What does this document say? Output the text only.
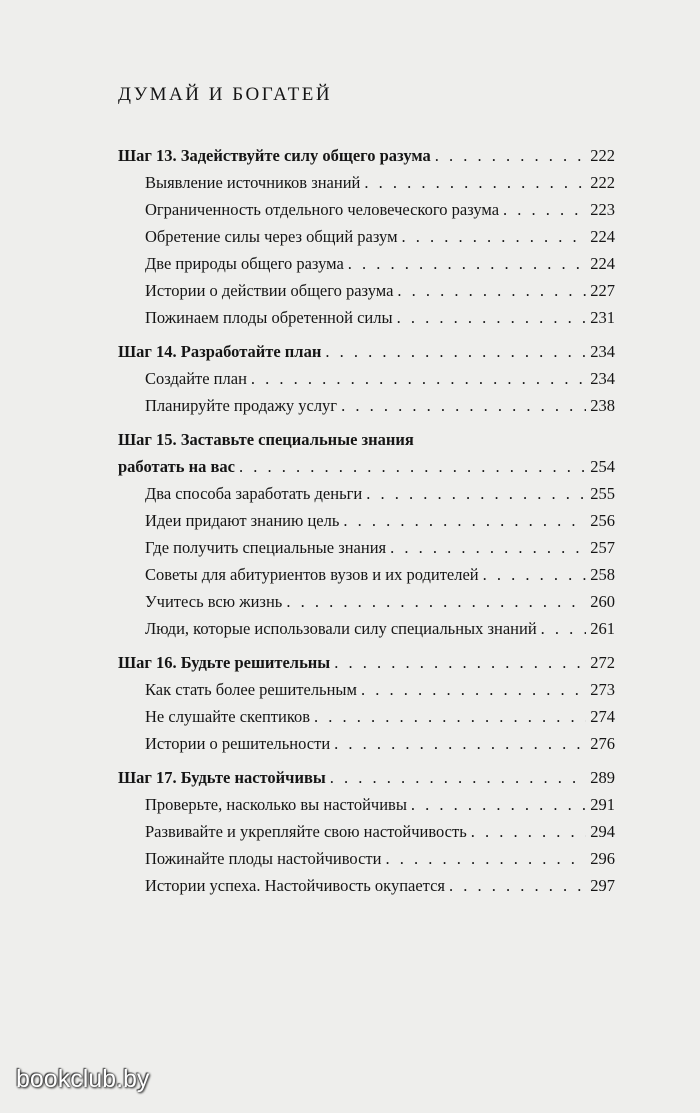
ДУМАЙ И БОГАТЕЙ
Шаг 13. Задействуйте силу общего разума . . .	222
Выявление источников знаний . . .	222
Ограниченность отдельного человеческого разума . . .	223
Обретение силы через общий разум . . .	224
Две природы общего разума . . .	224
Истории о действии общего разума . . .	227
Пожинаем плоды обретенной силы . . .	231
Шаг 14. Разработайте план . . .	234
Создайте план . . .	234
Планируйте продажу услуг . . .	238
Шаг 15. Заставьте специальные знания
работать на вас . . .	254
Два способа заработать деньги . . .	255
Идеи придают знанию цель . . .	256
Где получить специальные знания . . .	257
Советы для абитуриентов вузов и их родителей . . .	258
Учитесь всю жизнь . . .	260
Люди, которые использовали силу специальных знаний . . .	261
Шаг 16. Будьте решительны . . .	272
Как стать более решительным . . .	273
Не слушайте скептиков . . .	274
Истории о решительности . . .	276
Шаг 17. Будьте настойчивы . . .	289
Проверьте, насколько вы настойчивы . . .	291
Развивайте и укрепляйте свою настойчивость . . .	294
Пожинайте плоды настойчивости . . .	296
Истории успеха. Настойчивость окупается . . .	297
bookclub.by
